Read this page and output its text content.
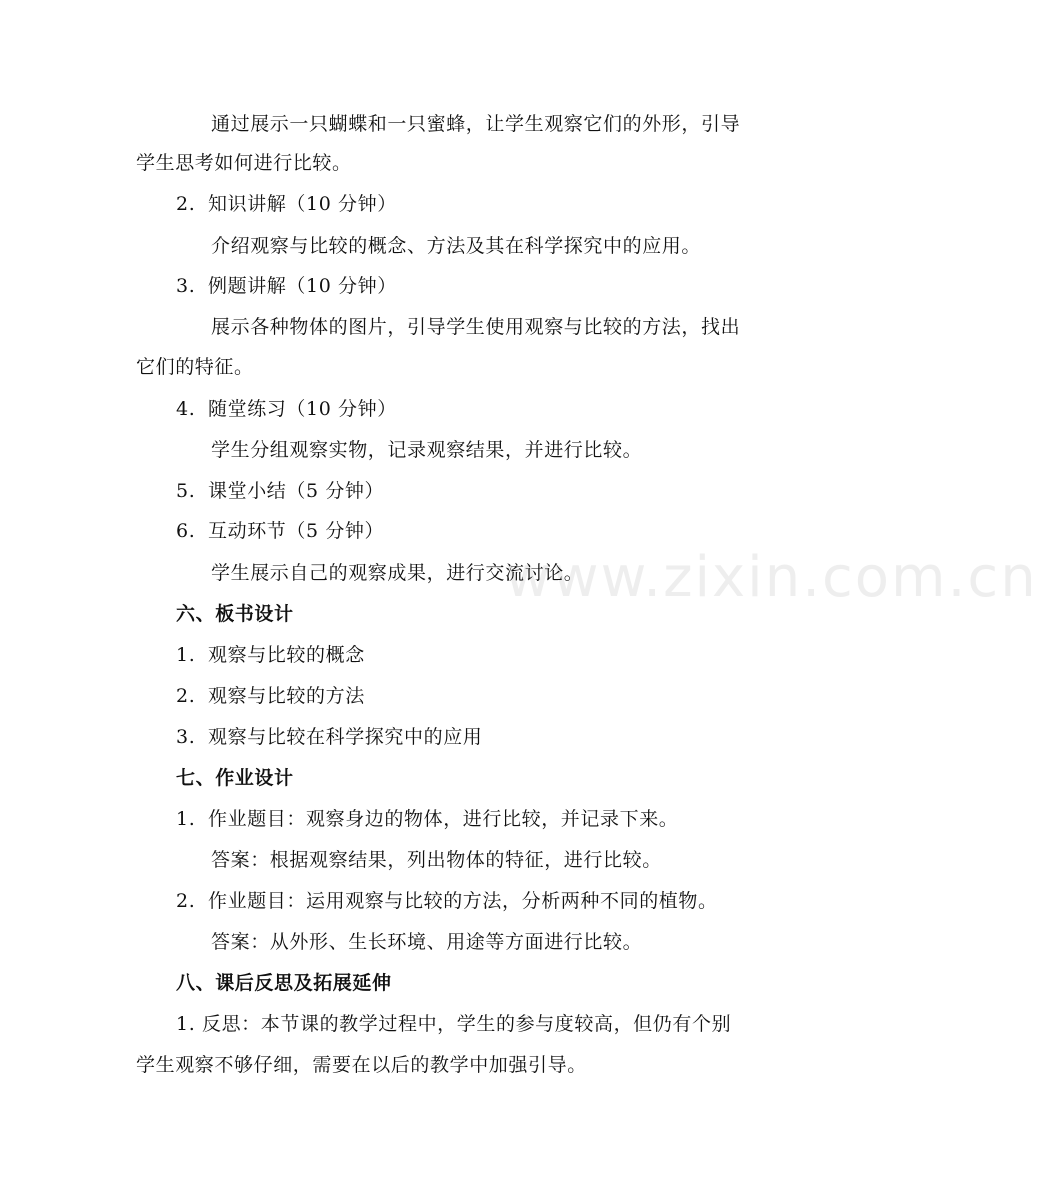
www.zixin.com.cn
通过展示一只蝴蝶和一只蜜蜂，让学生观察它们的外形，引导
学生思考如何进行比较。
2. 知识讲解（10 分钟）
介绍观察与比较的概念、方法及其在科学探究中的应用。
3. 例题讲解（10 分钟）
展示各种物体的图片，引导学生使用观察与比较的方法，找出
它们的特征。
4. 随堂练习（10 分钟）
学生分组观察实物，记录观察结果，并进行比较。
5. 课堂小结（5 分钟）
6. 互动环节（5 分钟）
学生展示自己的观察成果，进行交流讨论。
六、板书设计
1. 观察与比较的概念
2. 观察与比较的方法
3. 观察与比较在科学探究中的应用
七、作业设计
1. 作业题目：观察身边的物体，进行比较，并记录下来。
答案：根据观察结果，列出物体的特征，进行比较。
2. 作业题目：运用观察与比较的方法，分析两种不同的植物。
答案：从外形、生长环境、用途等方面进行比较。
八、课后反思及拓展延伸
1. 反思：本节课的教学过程中，学生的参与度较高，但仍有个别
学生观察不够仔细，需要在以后的教学中加强引导。
